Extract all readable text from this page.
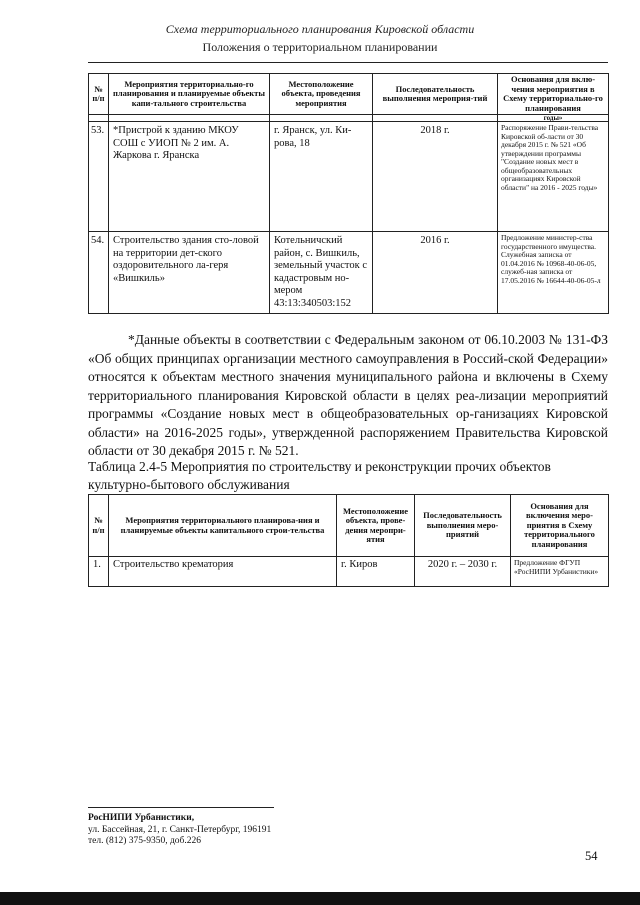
Схема территориального планирования Кировской области
Положения о территориальном планировании
№ п/п	Мероприятия территориально-го планирования и планируемые объекты капи-тального строительства	Местоположение объекта, проведения мероприятия	Последовательность выполнения мероприя-тий	Основания для вклю-чения мероприятия в Схему территориально-го планирования
				годы»
53.	*Пристрой к зданию МКОУ СОШ с УИОП № 2 им. А. Жаркова г. Яранска	г. Яранск, ул. Ки-рова, 18	2018 г.	Распоряжение Прави-тельства Кировской об-ласти от 30 декабря 2015 г. № 521 «Об утверждении программы "Создание новых мест в общеобразовательных организациях Кировской области" на 2016 - 2025 годы»
54.	Строительство здания сто-ловой на территории дет-ского оздоровительного ла-геря «Вишкиль»	Котельничский район, с. Вишкиль, земельный участок с кадастровым но-мером 43:13:340503:152	2016 г.	Предложение министер-ства государственного имущества. Служебная записка от 01.04.2016 № 10968-40-06-05, служеб-ная записка от 17.05.2016 № 16644-40-06-05-л

*Данные объекты в соответствии с Федеральным законом от 06.10.2003 № 131-ФЗ «Об общих принципах организации местного самоуправления в Россий-ской Федерации» относятся к объектам местного значения муниципального района и включены в Схему территориального планирования Кировской области в целях реа-лизации мероприятий программы «Создание новых мест в общеобразовательных ор-ганизациях Кировской области» на 2016-2025 годы», утвержденной распоряжением Правительства Кировской области от 30 декабря 2015 г. № 521.

Таблица 2.4-5 Мероприятия по строительству и реконструкции прочих объектов культурно-бытового обслуживания
№ п/п	Мероприятия территориального планирова-ния и планируемые объекты капитального строи-тельства	Местоположение объекта, прове-дения меропри-ятия	Последовательность выполнения меро-приятий	Основания для включения меро-приятия в Схему территориального планирования
1.	Строительство крематория	г. Киров	2020 г. – 2030 г.	Предложение ФГУП «РосНИПИ Урбанистики»
РосНИПИ Урбанистики,
ул. Бассейная, 21, г. Санкт-Петербург, 196191
тел. (812) 375-9350, доб.226
54
